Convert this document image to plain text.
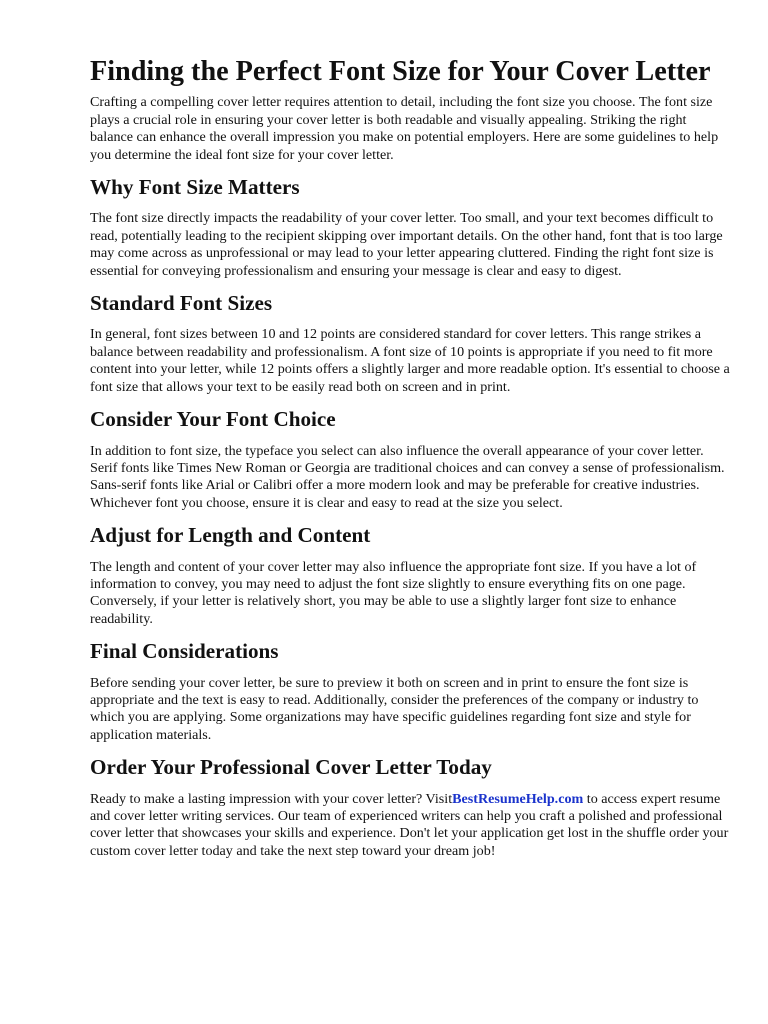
Finding the Perfect Font Size for Your Cover Letter

Crafting a compelling cover letter requires attention to detail, including the font size you choose. The font size plays a crucial role in ensuring your cover letter is both readable and visually appealing. Striking the right balance can enhance the overall impression you make on potential employers. Here are some guidelines to help you determine the ideal font size for your cover letter.

Why Font Size Matters

The font size directly impacts the readability of your cover letter. Too small, and your text becomes difficult to read, potentially leading to the recipient skipping over important details. On the other hand, font that is too large may come across as unprofessional or may lead to your letter appearing cluttered. Finding the right font size is essential for conveying professionalism and ensuring your message is clear and easy to digest.

Standard Font Sizes

In general, font sizes between 10 and 12 points are considered standard for cover letters. This range strikes a balance between readability and professionalism. A font size of 10 points is appropriate if you need to fit more content into your letter, while 12 points offers a slightly larger and more readable option. It's essential to choose a font size that allows your text to be easily read both on screen and in print.

Consider Your Font Choice

In addition to font size, the typeface you select can also influence the overall appearance of your cover letter. Serif fonts like Times New Roman or Georgia are traditional choices and can convey a sense of professionalism. Sans-serif fonts like Arial or Calibri offer a more modern look and may be preferable for creative industries. Whichever font you choose, ensure it is clear and easy to read at the size you select.

Adjust for Length and Content

The length and content of your cover letter may also influence the appropriate font size. If you have a lot of information to convey, you may need to adjust the font size slightly to ensure everything fits on one page. Conversely, if your letter is relatively short, you may be able to use a slightly larger font size to enhance readability.

Final Considerations

Before sending your cover letter, be sure to preview it both on screen and in print to ensure the font size is appropriate and the text is easy to read. Additionally, consider the preferences of the company or industry to which you are applying. Some organizations may have specific guidelines regarding font size and style for application materials.

Order Your Professional Cover Letter Today

Ready to make a lasting impression with your cover letter? VisitBestResumeHelp.com to access expert resume and cover letter writing services. Our team of experienced writers can help you craft a polished and professional cover letter that showcases your skills and experience. Don't let your application get lost in the shuffle order your custom cover letter today and take the next step toward your dream job!
